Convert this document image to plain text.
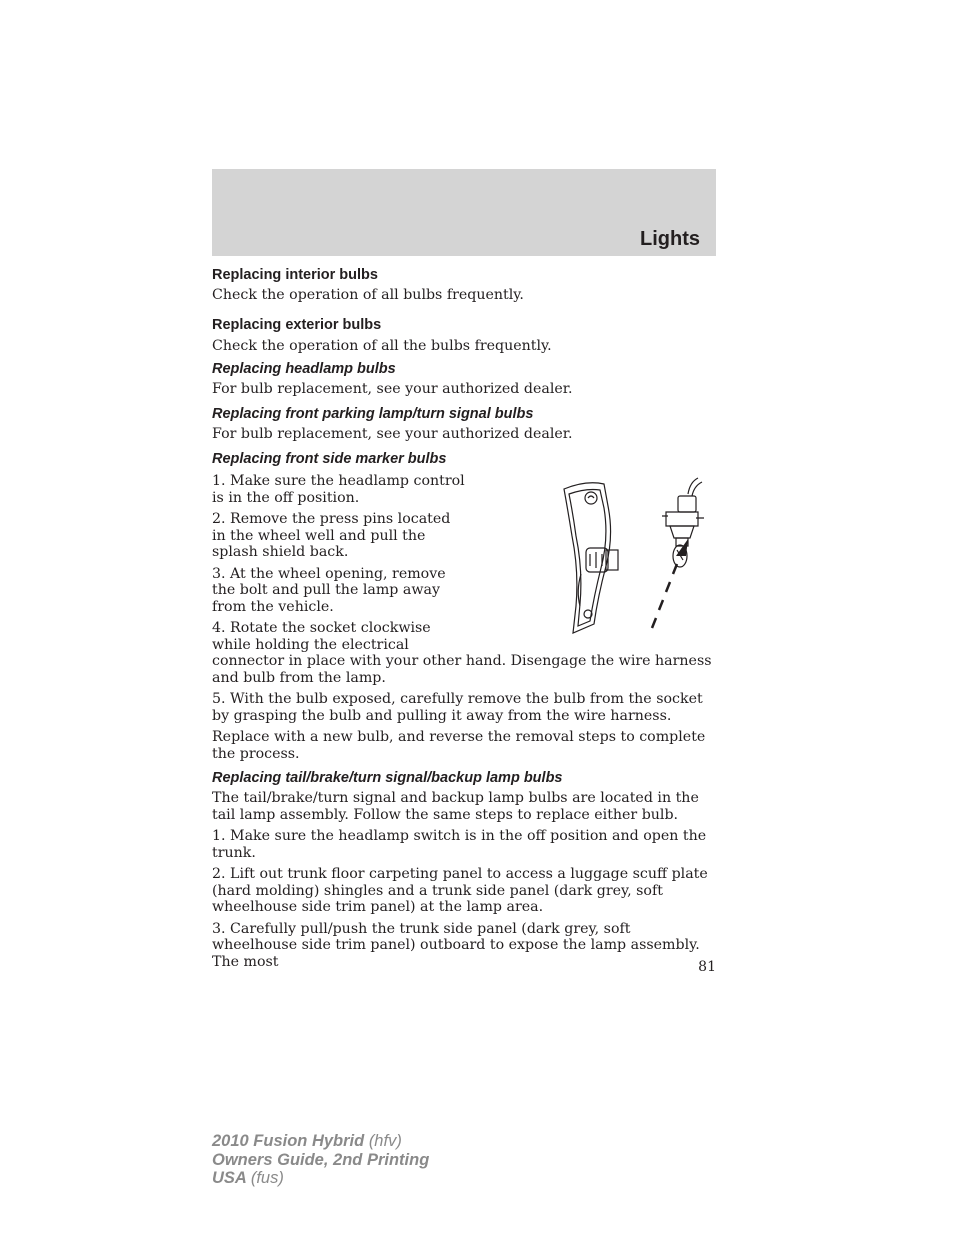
Lights
Replacing interior bulbs

Check the operation of all bulbs frequently.

Replacing exterior bulbs

Check the operation of all the bulbs frequently.

Replacing headlamp bulbs

For bulb replacement, see your authorized dealer.

Replacing front parking lamp/turn signal bulbs

For bulb replacement, see your authorized dealer.

Replacing front side marker bulbs

1. Make sure the headlamp control is in the off position.

2. Remove the press pins located in the wheel well and pull the splash shield back.

3. At the wheel opening, remove the bolt and pull the lamp away from the vehicle.

4. Rotate the socket clockwise while holding the electrical connector in place with your other hand. Disengage the wire harness and bulb from the lamp.

5. With the bulb exposed, carefully remove the bulb from the socket by grasping the bulb and pulling it away from the wire harness.

Replace with a new bulb, and reverse the removal steps to complete the process.

Replacing tail/brake/turn signal/backup lamp bulbs

The tail/brake/turn signal and backup lamp bulbs are located in the tail lamp assembly. Follow the same steps to replace either bulb.

1. Make sure the headlamp switch is in the off position and open the trunk.

2. Lift out trunk floor carpeting panel to access a luggage scuff plate (hard molding) shingles and a trunk side panel (dark grey, soft wheelhouse side trim panel) at the lamp area.

3. Carefully pull/push the trunk side panel (dark grey, soft wheelhouse side trim panel) outboard to expose the lamp assembly. The most	81
2010 Fusion Hybrid (hfv)
Owners Guide, 2nd Printing
USA (fus)
